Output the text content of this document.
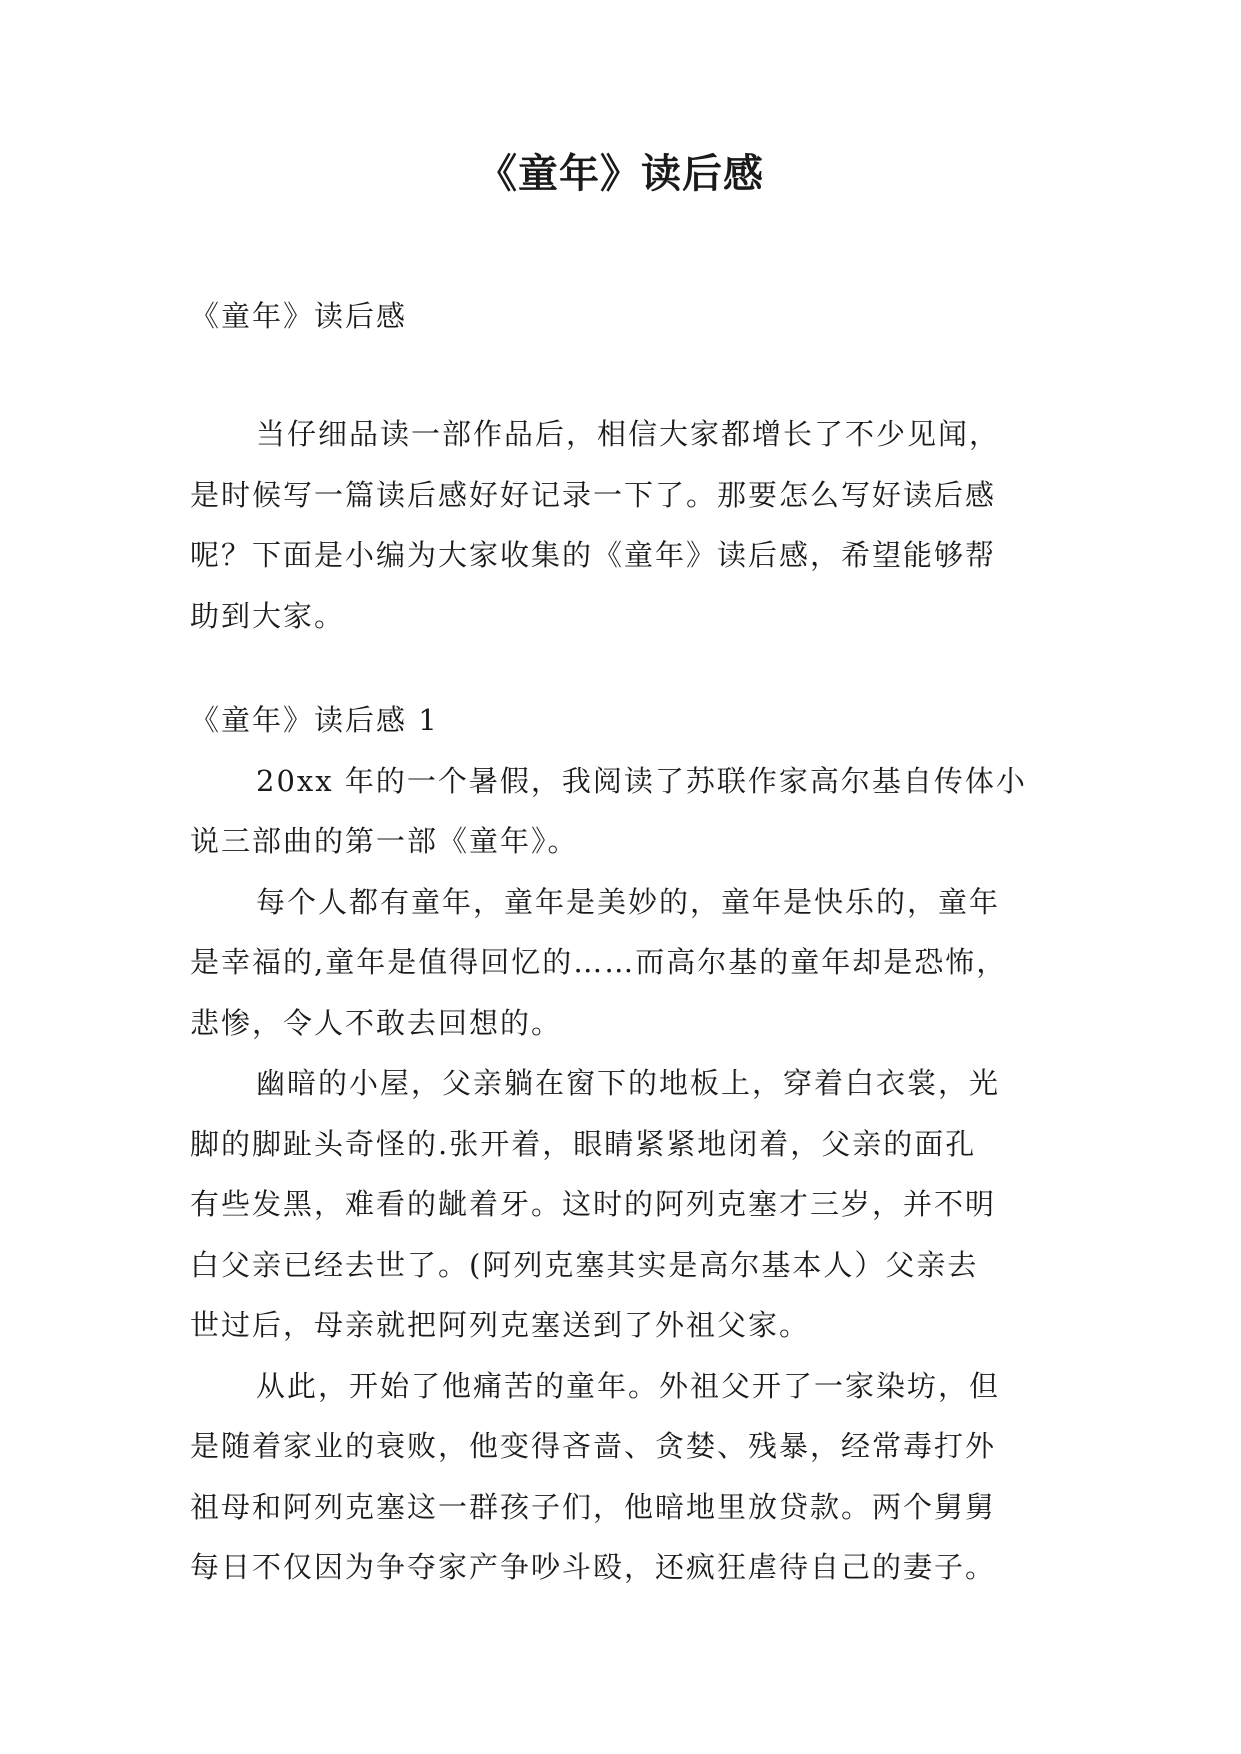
《童年》读后感
《童年》读后感
当仔细品读一部作品后，相信大家都增长了不少见闻，
是时候写一篇读后感好好记录一下了。那要怎么写好读后感
呢？下面是小编为大家收集的《童年》读后感，希望能够帮
助到大家。
《童年》读后感 1
20xx 年的一个暑假，我阅读了苏联作家高尔基自传体小
说三部曲的第一部《童年》。
每个人都有童年，童年是美妙的，童年是快乐的，童年
是幸福的,童年是值得回忆的……而高尔基的童年却是恐怖，
悲惨，令人不敢去回想的。
幽暗的小屋，父亲躺在窗下的地板上，穿着白衣裳，光
脚的脚趾头奇怪的.张开着，眼睛紧紧地闭着，父亲的面孔
有些发黑，难看的龇着牙。这时的阿列克塞才三岁，并不明
白父亲已经去世了。(阿列克塞其实是高尔基本人）父亲去
世过后，母亲就把阿列克塞送到了外祖父家。
从此，开始了他痛苦的童年。外祖父开了一家染坊，但
是随着家业的衰败，他变得吝啬、贪婪、残暴，经常毒打外
祖母和阿列克塞这一群孩子们，他暗地里放贷款。两个舅舅
每日不仅因为争夺家产争吵斗殴，还疯狂虐待自己的妻子。
